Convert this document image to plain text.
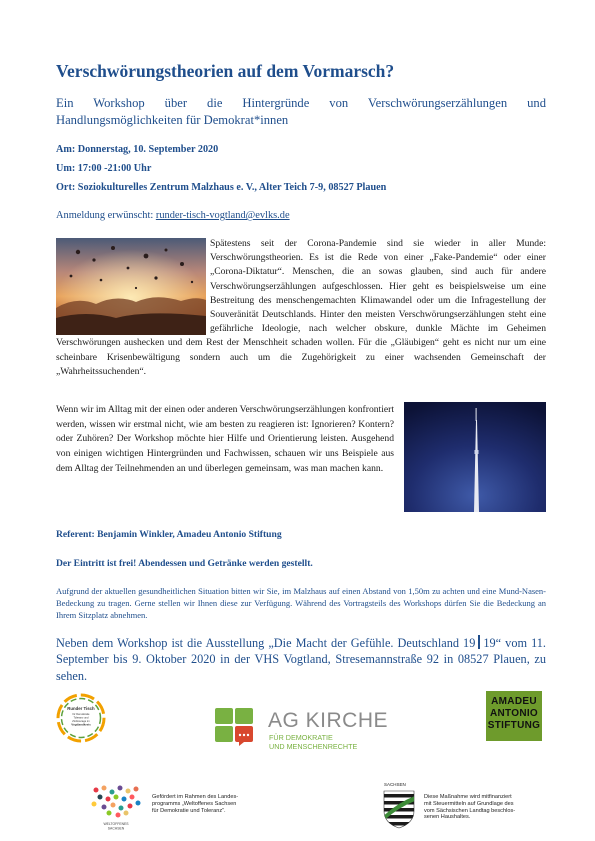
Verschwörungstheorien auf dem Vormarsch?
Ein Workshop über die Hintergründe von Verschwörungserzählungen und Handlungsmöglichkeiten für Demokrat*innen
Am: Donnerstag, 10. September 2020
Um: 17:00 -21:00 Uhr
Ort: Soziokulturelles Zentrum Malzhaus e. V., Alter Teich 7-9, 08527 Plauen
Anmeldung erwünscht: runder-tisch-vogtland@evlks.de
Spätestens seit der Corona-Pandemie sind sie wieder in aller Munde: Verschwörungstheorien. Es ist die Rede von einer „Fake-Pandemie“ oder einer „Corona-Diktatur“. Menschen, die an sowas glauben, sind auch für andere Verschwörungserzählungen aufgeschlossen. Hier geht es beispielsweise um eine Bestreitung des menschengemachten Klimawandel oder um die Infragestellung der Souveränität Deutschlands. Hinter den meisten Verschwörungserzählungen steht eine gefährliche Ideologie, nach welcher obskure, dunkle Mächte im Geheimen Verschwörungen aushecken und dem Rest der Menschheit schaden wollen. Für die „Gläubigen“ geht es nicht nur um eine scheinbare Krisenbewältigung sondern auch um die Zugehörigkeit zu einer wachsenden Gemeinschaft der „Wahrheitssuchenden“.
Wenn wir im Alltag mit der einen oder anderen Verschwörungserzählungen konfrontiert werden, wissen wir erstmal nicht, wie am besten zu reagieren ist: Ignorieren? Kontern? oder Zuhören? Der Workshop möchte hier Hilfe und Orientierung leisten. Ausgehend von einigen wichtigen Hintergründen und Fachwissen, schauen wir uns Beispiele aus dem Alltag der Teilnehmenden an und überlegen gemeinsam, was man machen kann.
Referent: Benjamin Winkler, Amadeu Antonio Stiftung
Der Eintritt ist frei! Abendessen und Getränke werden gestellt.
Aufgrund der aktuellen gesundheitlichen Situation bitten wir Sie, im Malzhaus auf einen Abstand von 1,50m zu achten und eine Mund-Nasen-Bedeckung zu tragen. Gerne stellen wir Ihnen diese zur Verfügung. Während des Vortragsteils des Workshops dürfen Sie die Bedeckung an Ihrem Sitzplatz abnehmen.
Neben dem Workshop ist die Ausstellung „Die Macht der Gefühle. Deutschland 19 19“ vom 11. September bis 9. Oktober 2020 in der VHS Vogtland, Stresemannstraße 92 in 08527 Plauen, zu sehen.
Runder Tisch
für Demokratie
Toleranz und
Zivilcourage im
Vogtlandkreis	AG KIRCHE
FÜR DEMOKRATIE
UND MENSCHENRECHTE
AMADEU
ANTONIO
STIFTUNG
WELTOFFENES
SACHSEN
Gefördert im Rahmen des Landes-
programms „Weltoffenes Sachsen
für Demokratie und Toleranz“.
SACHSEN
Diese Maßnahme wird mitfinanziert
mit Steuermitteln auf Grundlage des
vom Sächsischen Landtag beschlos-
senen Haushaltes.
